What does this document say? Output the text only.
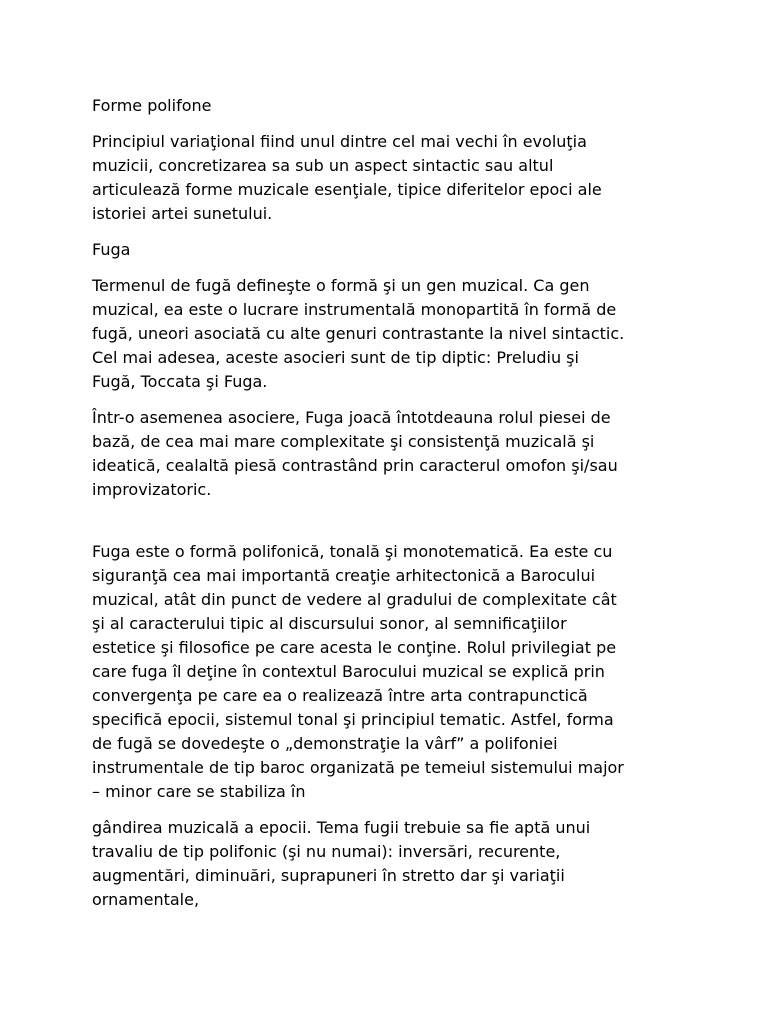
Forme polifone

Principiul variaţional fiind unul dintre cel mai vechi în evoluţia
muzicii, concretizarea sa sub un aspect sintactic sau altul
articulează forme muzicale esenţiale, tipice diferitelor epoci ale
istoriei artei sunetului.

Fuga

Termenul de fugă defineşte o formă şi un gen muzical. Ca gen
muzical, ea este o lucrare instrumentală monopartită în formă de
fugă, uneori asociată cu alte genuri contrastante la nivel sintactic.
Cel mai adesea, aceste asocieri sunt de tip diptic: Preludiu şi
Fugă, Toccata şi Fuga.

Într-o asemenea asociere, Fuga joacă întotdeauna rolul piesei de
bază, de cea mai mare complexitate şi consistenţă muzicală şi
ideatică, cealaltă piesă contrastând prin caracterul omofon şi/sau
improvizatoric.

Fuga este o formă polifonică, tonală şi monotematică. Ea este cu
siguranţă cea mai importantă creaţie arhitectonică a Barocului
muzical, atât din punct de vedere al gradului de complexitate cât
şi al caracterului tipic al discursului sonor, al semnificaţiilor
estetice şi filosofice pe care acesta le conţine. Rolul privilegiat pe
care fuga îl deţine în contextul Barocului muzical se explică prin
convergenţa pe care ea o realizează între arta contrapunctică
specifică epocii, sistemul tonal şi principiul tematic. Astfel, forma
de fugă se dovedeşte o „demonstraţie la vârf” a polifoniei
instrumentale de tip baroc organizată pe temeiul sistemului major
– minor care se stabiliza în

gândirea muzicală a epocii. Tema fugii trebuie sa fie aptă unui
travaliu de tip polifonic (şi nu numai): inversări, recurente,
augmentări, diminuări, suprapuneri în stretto dar şi variaţii
ornamentale,
